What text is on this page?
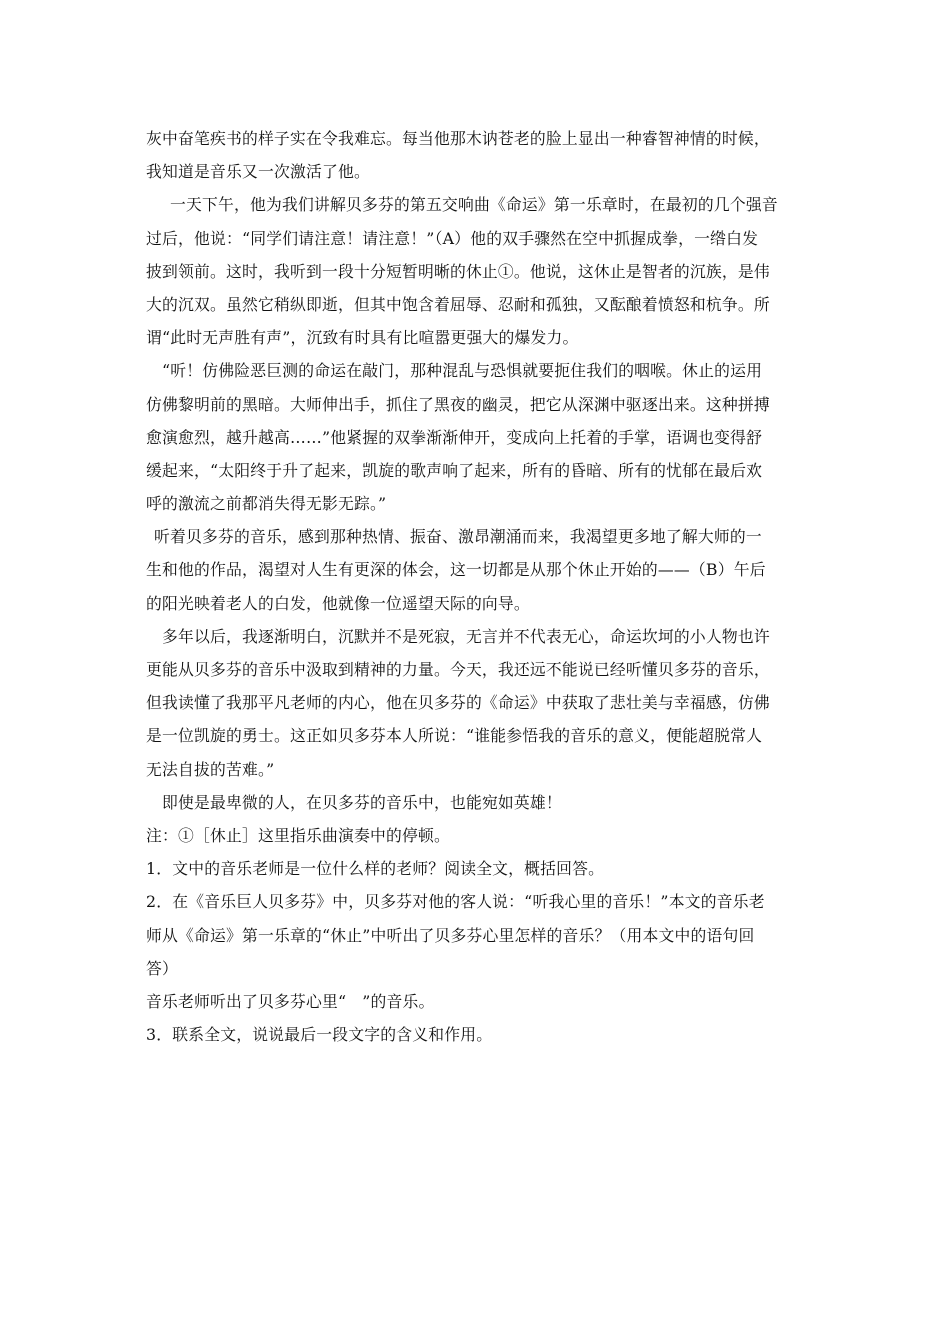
灰中奋笔疾书的样子实在令我难忘。每当他那木讷苍老的脸上显出一种睿智神情的时候，
我知道是音乐又一次激活了他。
一天下午，他为我们讲解贝多芬的第五交响曲《命运》第一乐章时，在最初的几个强音
过后，他说：“同学们请注意！请注意！”（A）他的双手骤然在空中抓握成拳，一绺白发
披到领前。这时，我听到一段十分短暂明晰的休止①。他说，这休止是智者的沉族，是伟
大的沉双。虽然它稍纵即逝，但其中饱含着屈辱、忍耐和孤独，又酝酿着愤怒和杭争。所
谓“此时无声胜有声”，沉致有时具有比喧嚣更强大的爆发力。
“听！仿佛险恶巨测的命运在敲门，那种混乱与恐惧就要扼住我们的咽喉。休止的运用
仿佛黎明前的黑暗。大师伸出手，抓住了黑夜的幽灵，把它从深渊中驱逐出来。这种拼搏
愈演愈烈，越升越高……”他紧握的双拳渐渐伸开，变成向上托着的手掌，语调也变得舒
缓起来，“太阳终于升了起来，凯旋的歌声响了起来，所有的昏暗、所有的忧郁在最后欢
呼的激流之前都消失得无影无踪。”
听着贝多芬的音乐，感到那种热情、振奋、激昂潮涌而来，我渴望更多地了解大师的一
生和他的作品，渴望对人生有更深的体会，这一切都是从那个休止开始的——（B）午后
的阳光映着老人的白发，他就像一位遥望天际的向导。
多年以后，我逐渐明白，沉默并不是死寂，无言并不代表无心，命运坎坷的小人物也许
更能从贝多芬的音乐中汲取到精神的力量。今天，我还远不能说已经听懂贝多芬的音乐，
但我读懂了我那平凡老师的内心，他在贝多芬的《命运》中获取了悲壮美与幸福感，仿佛
是一位凯旋的勇士。这正如贝多芬本人所说：“谁能参悟我的音乐的意义，便能超脱常人
无法自拔的苦难。”
即使是最卑微的人，在贝多芬的音乐中，也能宛如英雄！
注：①［休止］这里指乐曲演奏中的停顿。
1．文中的音乐老师是一位什么样的老师？阅读全文，概括回答。
2．在《音乐巨人贝多芬》中，贝多芬对他的客人说：“听我心里的音乐！”本文的音乐老
师从《命运》第一乐章的“休止”中听出了贝多芬心里怎样的音乐？（用本文中的语句回
答）
音乐老师听出了贝多芬心里“　”的音乐。
3．联系全文，说说最后一段文字的含义和作用。
